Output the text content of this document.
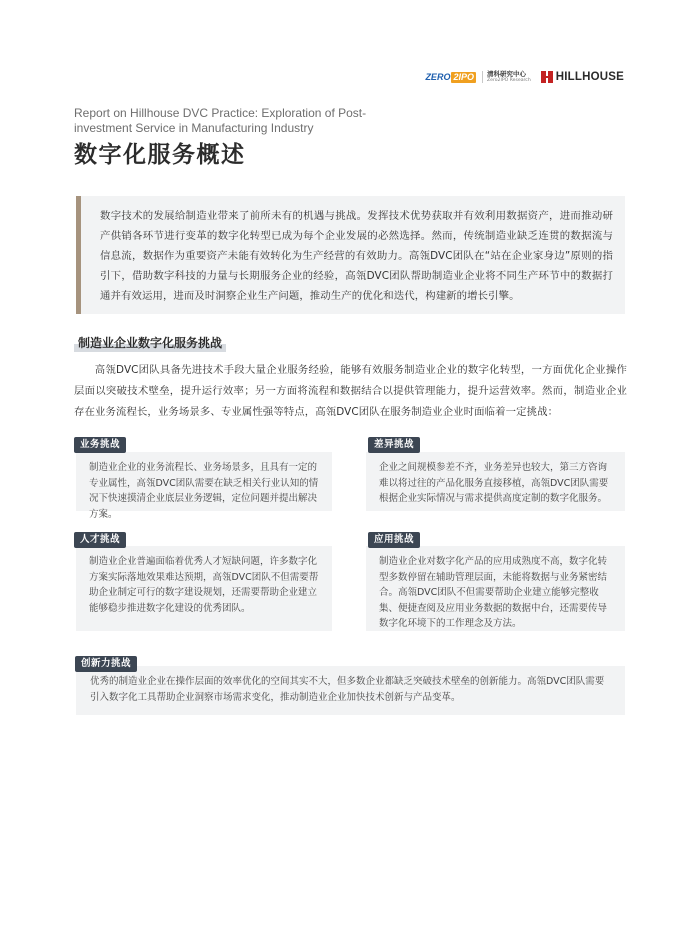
ZERO 2IPO	清科研究中心
Zero2IPO Research HILLHOUSE
Report on Hillhouse DVC Practice: Exploration of Post-investment Service in Manufacturing Industry
数字化服务概述

数字技术的发展给制造业带来了前所未有的机遇与挑战。发挥技术优势获取并有效利用数据资产，进而推动研产供销各环节进行变革的数字化转型已成为每个企业发展的必然选择。然而，传统制造业缺乏连贯的数据流与信息流，数据作为重要资产未能有效转化为生产经营的有效助力。高瓴DVC团队在“站在企业家身边”原则的指引下，借助数字科技的力量与长期服务企业的经验，高瓴DVC团队帮助制造业企业将不同生产环节中的数据打通并有效运用，进而及时洞察企业生产问题，推动生产的优化和迭代，构建新的增长引擎。

制造业企业数字化服务挑战

高瓴DVC团队具备先进技术手段大量企业服务经验，能够有效服务制造业企业的数字化转型，一方面优化企业操作层面以突破技术壁垒，提升运行效率；另一方面将流程和数据结合以提供管理能力，提升运营效率。然而，制造业企业存在业务流程长，业务场景多、专业属性强等特点，高瓴DVC团队在服务制造业企业时面临着一定挑战：

制造业企业的业务流程长、业务场景多，且具有一定的专业属性，高瓴DVC团队需要在缺乏相关行业认知的情况下快速摸清企业底层业务逻辑，定位问题并提出解决方案。

业务挑战

企业之间规模参差不齐，业务差异也较大，第三方咨询难以将过往的产品化服务直接移植，高瓴DVC团队需要根据企业实际情况与需求提供高度定制的数字化服务。

差异挑战

制造业企业普遍面临着优秀人才短缺问题，许多数字化方案实际落地效果难达预期，高瓴DVC团队不但需要帮助企业制定可行的数字建设规划，还需要帮助企业建立能够稳步推进数字化建设的优秀团队。

人才挑战

制造业企业对数字化产品的应用成熟度不高，数字化转型多数停留在辅助管理层面，未能将数据与业务紧密结合。高瓴DVC团队不但需要帮助企业建立能够完整收集、便捷查阅及应用业务数据的数据中台，还需要传导数字化环境下的工作理念及方法。

应用挑战

优秀的制造业企业在操作层面的效率优化的空间其实不大，但多数企业都缺乏突破技术壁垒的创新能力。高瓴DVC团队需要引入数字化工具帮助企业洞察市场需求变化，推动制造业企业加快技术创新与产品变革。

创新力挑战
